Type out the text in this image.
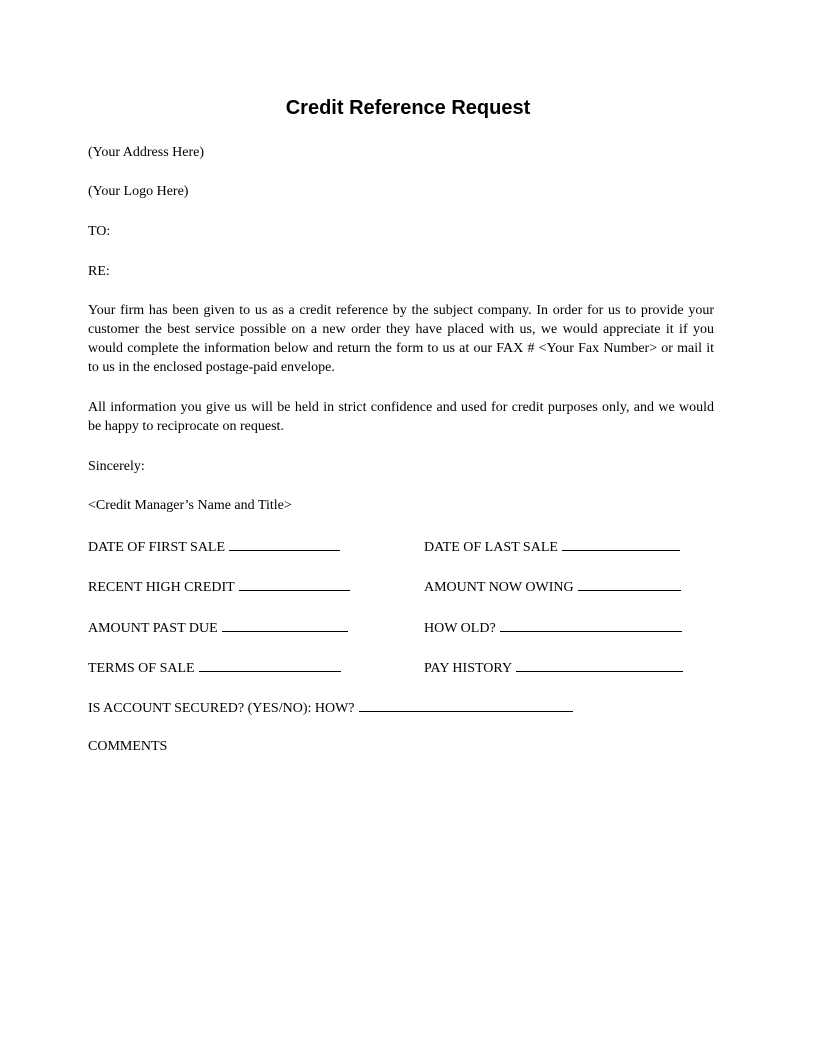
Credit Reference Request
(Your Address Here)
(Your Logo Here)
TO:
RE:
Your firm has been given to us as a credit reference by the subject company. In order for us to provide your customer the best service possible on a new order they have placed with us, we would appreciate it if you would complete the information below and return the form to us at our FAX # <Your Fax Number> or mail it to us in the enclosed postage-paid envelope.
All information you give us will be held in strict confidence and used for credit purposes only, and we would be happy to reciprocate on request.
Sincerely:
<Credit Manager’s Name and Title>
DATE OF FIRST SALE	DATE OF LAST SALE
RECENT HIGH CREDIT	AMOUNT NOW OWING
AMOUNT PAST DUE	HOW OLD?
TERMS OF SALE	PAY HISTORY
IS ACCOUNT SECURED? (YES/NO): HOW?
COMMENTS
